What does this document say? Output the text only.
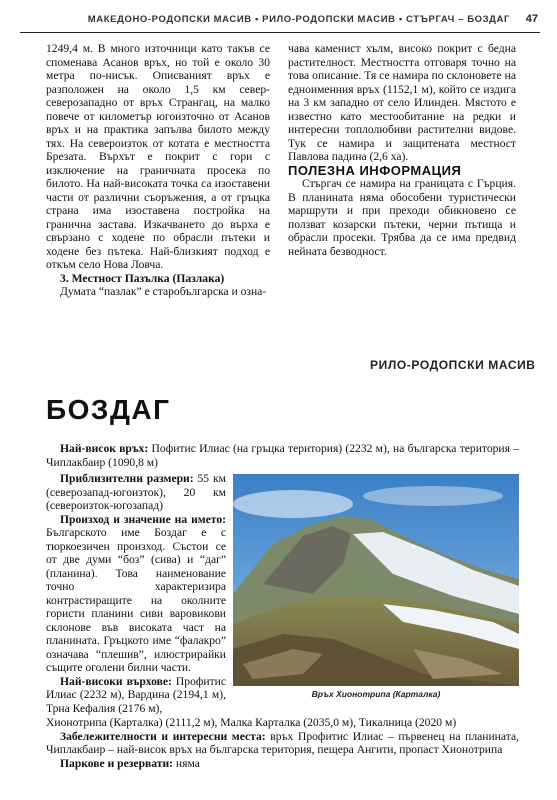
МАКЕДОНО-РОДОПСКИ МАСИВ • РИЛО-РОДОПСКИ МАСИВ • СТЪРГАЧ – БОЗДАГ 47

1249,4 м. В много източници като такъв се споменава Асанов връх, но той е около 30 метра по-нисък. Описваният връх е разположен на около 1,5 км север-северозападно от връх Странгац, на малко повече от километър югоизточно от Асанов връх и на практика запълва билото между тях. На североизток от котата е местността Брезата. Върхът е покрит с гори с изключение на граничната просека по билото. На най-високата точка са изоставени части от различни съоръжения, а от гръцка страна има изоставена постройка на гранична застава. Изкачването до върха е свързано с ходене по обрасли пътеки и ходене без пътека. Най-близкият подход е откъм село Нова Ловча.

3. Местност Пазълка (Пазлака)

Думата “пазлак” е старобългарска и озна-

чава каменист хълм, високо покрит с бедна растителност. Местността отговаря точно на това описание. Тя се намира по склоновете на едноименния връх (1152,1 м), който се издига на 3 км западно от село Илинден. Мястото е известно като местообитание на редки и интересни топлолюбиви растителни видове. Тук се намира и защитената местност Павлова падина (2,6 ха).

ПОЛЕЗНА ИНФОРМАЦИЯ

Стъргач се намира на границата с Гърция. В планината няма обособени туристически маршрути и при преходи обикновено се ползват козарски пътеки, черни пътища и обрасли просеки. Трябва да се има предвид нейната безводност.

РИЛО-РОДОПСКИ МАСИВ
БОЗДАГ

Най-висок връх: Пофитис Илиас (на гръцка територия) (2232 м), на българска територия – Чиплакбаир (1090,8 м)

Приблизителни размери: 55 км (северозапад-югоизток), 20 км (североизток-югозапад)

Произход и значение на името: Българското име Боздаг е с тюркоезичен произход. Състои се от две думи “боз” (сива) и “даг” (планина). Това наименование точно характеризира контрастиращите на околните гористи планини сиви варовикови склонове във високата част на планината. Гръцкото име “фалакро” означава “плешив”, илюстрирайки същите оголени билни части.

Най-високи върхове: Профитис Илиас (2232 м), Вардина (2194,1 м), Трна Кефалия (2176 м),

Връх Хионотрипа (Карталка)

Хионотрипа (Карталка) (2111,2 м), Малка Карталка (2035,0 м), Тикалница (2020 м)

Забележителности и интересни места: връх Профитис Илиас – първенец на планината, Чиплакбаир – най-висок връх на българска територия, пещера Ангити, пропаст Хионотрипа

Паркове и резервати: няма
